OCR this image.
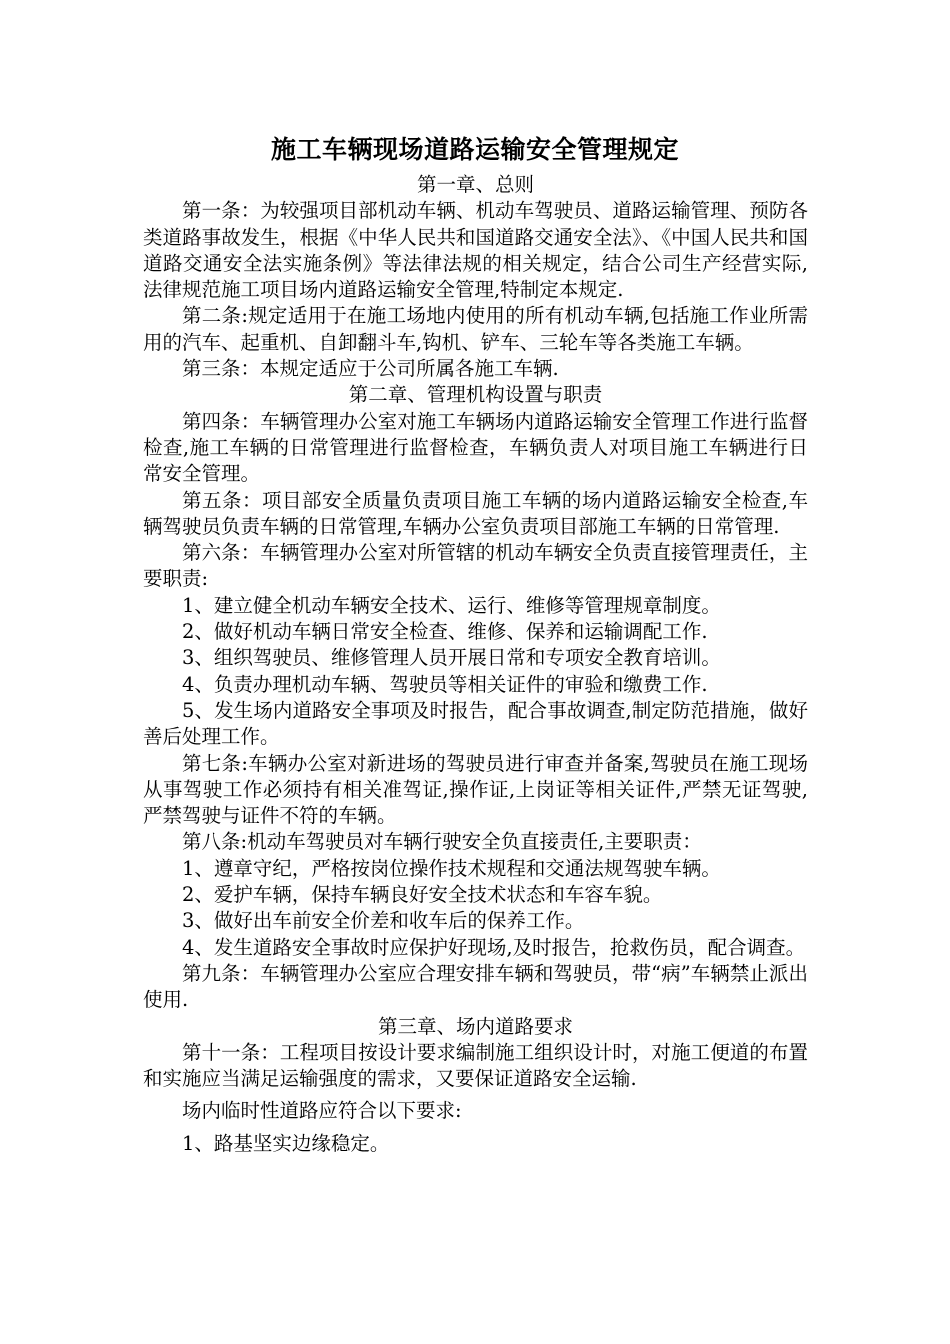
施工车辆现场道路运输安全管理规定

第一章、总则

第一条：为较强项目部机动车辆、机动车驾驶员、道路运输管理、预防各类道路事故发生，根据《中华人民共和国道路交通安全法》、《中国人民共和国道路交通安全法实施条例》等法律法规的相关规定，结合公司生产经营实际,法律规范施工项目场内道路运输安全管理,特制定本规定.

第二条:规定适用于在施工场地内使用的所有机动车辆,包括施工作业所需用的汽车、起重机、自卸翻斗车,钩机、铲车、三轮车等各类施工车辆。

第三条：本规定适应于公司所属各施工车辆.

第二章、管理机构设置与职责

第四条：车辆管理办公室对施工车辆场内道路运输安全管理工作进行监督检查,施工车辆的日常管理进行监督检查，车辆负责人对项目施工车辆进行日常安全管理。

第五条：项目部安全质量负责项目施工车辆的场内道路运输安全检查,车辆驾驶员负责车辆的日常管理,车辆办公室负责项目部施工车辆的日常管理.

第六条：车辆管理办公室对所管辖的机动车辆安全负责直接管理责任，主要职责:

1、建立健全机动车辆安全技术、运行、维修等管理规章制度。

2、做好机动车辆日常安全检查、维修、保养和运输调配工作.

3、组织驾驶员、维修管理人员开展日常和专项安全教育培训。

4、负责办理机动车辆、驾驶员等相关证件的审验和缴费工作.

5、发生场内道路安全事项及时报告，配合事故调查,制定防范措施，做好善后处理工作。

第七条:车辆办公室对新进场的驾驶员进行审查并备案,驾驶员在施工现场从事驾驶工作必须持有相关准驾证,操作证,上岗证等相关证件,严禁无证驾驶,严禁驾驶与证件不符的车辆。

第八条:机动车驾驶员对车辆行驶安全负直接责任,主要职责：

1、遵章守纪，严格按岗位操作技术规程和交通法规驾驶车辆。

2、爱护车辆，保持车辆良好安全技术状态和车容车貌。

3、做好出车前安全价差和收车后的保养工作。

4、发生道路安全事故时应保护好现场,及时报告，抢救伤员，配合调查。

第九条：车辆管理办公室应合理安排车辆和驾驶员，带“病”车辆禁止派出使用.

第三章、场内道路要求

第十一条：工程项目按设计要求编制施工组织设计时，对施工便道的布置和实施应当满足运输强度的需求，又要保证道路安全运输.

场内临时性道路应符合以下要求:

1、路基坚实边缘稳定。
